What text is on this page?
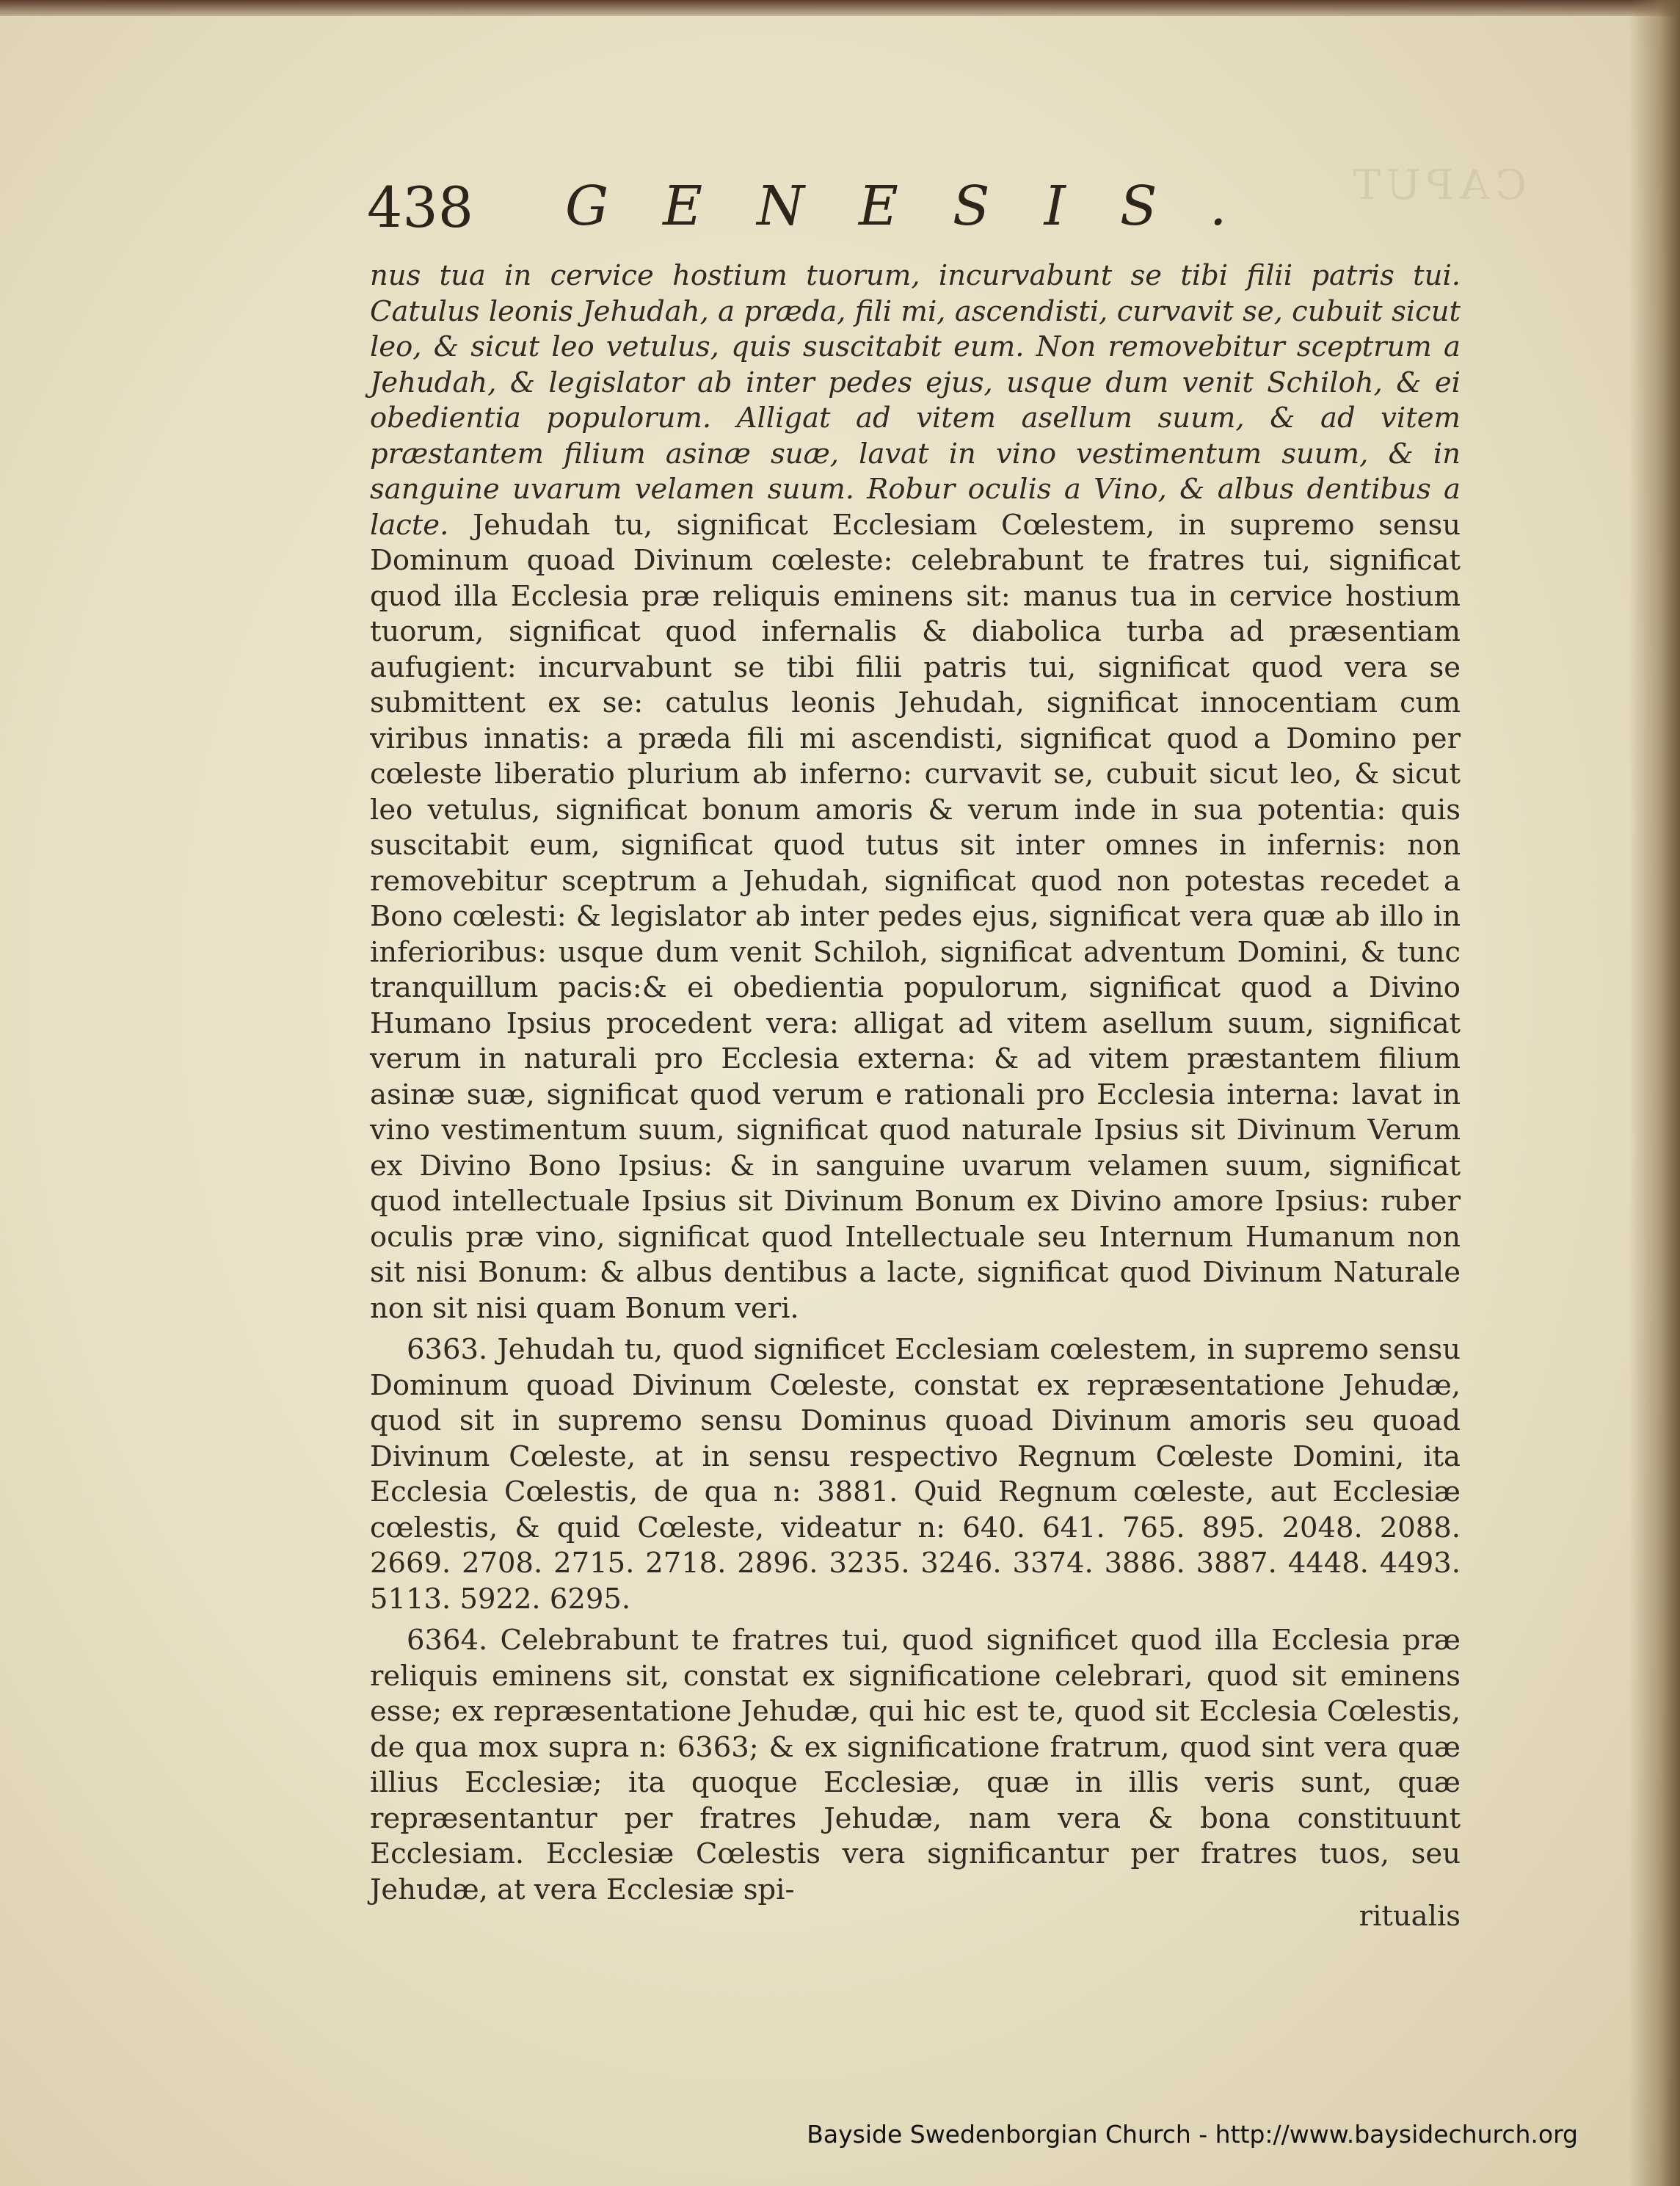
CAPUT
438 GENESIS.

nus tua in cervice hostium tuorum, incurvabunt se tibi filii patris tui. Catulus leonis Jehudah, a præda, fili mi, ascendisti, curvavit se, cubuit sicut leo, & sicut leo vetulus, quis suscitabit eum. Non removebitur sceptrum a Jehudah, & legislator ab inter pedes ejus, usque dum venit Schiloh, & ei obedientia populorum. Alligat ad vitem asellum suum, & ad vitem præstantem filium asinæ suæ, lavat in vino vestimentum suum, & in sanguine uvarum velamen suum. Robur oculis a Vino, & albus dentibus a lacte. Jehudah tu, significat Ecclesiam Cœlestem, in supremo sensu Dominum quoad Divinum cœleste: celebrabunt te fratres tui, significat quod illa Ecclesia præ reliquis eminens sit: manus tua in cervice hostium tuorum, significat quod infernalis & diabolica turba ad præsentiam aufugient: incurvabunt se tibi filii patris tui, significat quod vera se submittent ex se: catulus leonis Jehudah, significat innocentiam cum viribus innatis: a præda fili mi ascendisti, significat quod a Domino per cœleste liberatio plurium ab inferno: curvavit se, cubuit sicut leo, & sicut leo vetulus, significat bonum amoris & verum inde in sua potentia: quis suscitabit eum, significat quod tutus sit inter omnes in infernis: non removebitur sceptrum a Jehudah, significat quod non potestas recedet a Bono cœlesti: & legislator ab inter pedes ejus, significat vera quæ ab illo in inferioribus: usque dum venit Schiloh, significat adventum Domini, & tunc tranquillum pacis:& ei obedientia populorum, significat quod a Divino Humano Ipsius procedent vera: alligat ad vitem asellum suum, significat verum in naturali pro Ecclesia externa: & ad vitem præstantem filium asinæ suæ, significat quod verum e rationali pro Ecclesia interna: lavat in vino vestimentum suum, significat quod naturale Ipsius sit Divinum Verum ex Divino Bono Ipsius: & in sanguine uvarum velamen suum, significat quod intellectuale Ipsius sit Divinum Bonum ex Divino amore Ipsius: ruber oculis præ vino, significat quod Intellectuale seu Internum Humanum non sit nisi Bonum: & albus dentibus a lacte, significat quod Divinum Naturale non sit nisi quam Bonum veri.

6363. Jehudah tu, quod significet Ecclesiam cœlestem, in supremo sensu Dominum quoad Divinum Cœleste, constat ex repræsentatione Jehudæ, quod sit in supremo sensu Dominus quoad Divinum amoris seu quoad Divinum Cœleste, at in sensu respectivo Regnum Cœleste Domini, ita Ecclesia Cœlestis, de qua n: 3881. Quid Regnum cœleste, aut Ecclesiæ cœlestis, & quid Cœleste, videatur n: 640. 641. 765. 895. 2048. 2088. 2669. 2708. 2715. 2718. 2896. 3235. 3246. 3374. 3886. 3887. 4448. 4493. 5113. 5922. 6295.

6364. Celebrabunt te fratres tui, quod significet quod illa Ecclesia præ reliquis eminens sit, constat ex significatione celebrari, quod sit eminens esse; ex repræsentatione Jehudæ, qui hic est te, quod sit Ecclesia Cœlestis, de qua mox supra n: 6363; & ex significatione fratrum, quod sint vera quæ illius Ecclesiæ; ita quoque Ecclesiæ, quæ in illis veris sunt, quæ repræsentantur per fratres Jehudæ, nam vera & bona constituunt Ecclesiam. Ecclesiæ Cœlestis vera significantur per fratres tuos, seu Jehudæ, at vera Ecclesiæ spi-

ritualis
Bayside Swedenborgian Church - http://www.baysidechurch.org
